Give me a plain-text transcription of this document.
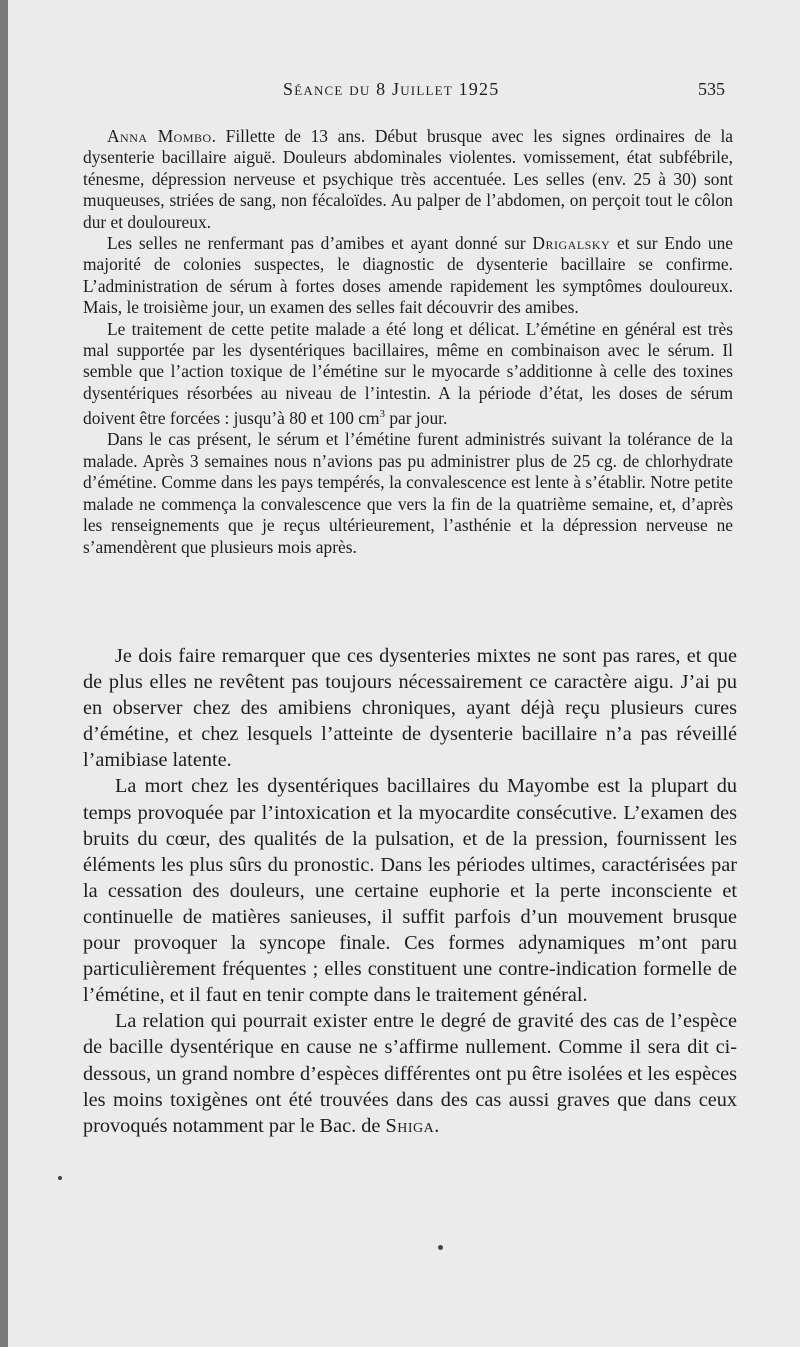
Séance du 8 Juillet 1925	535

Anna Mombo. Fillette de 13 ans. Début brusque avec les signes ordinaires de la dysenterie bacillaire aiguë. Douleurs abdominales violentes. vomissement, état subfébrile, ténesme, dépression nerveuse et psychique très accentuée. Les selles (env. 25 à 30) sont muqueuses, striées de sang, non fécaloïdes. Au palper de l’abdomen, on perçoit tout le côlon dur et douloureux.

Les selles ne renfermant pas d’amibes et ayant donné sur Drigalsky et sur Endo une majorité de colonies suspectes, le diagnostic de dysenterie bacillaire se confirme. L’administration de sérum à fortes doses amende rapidement les symptômes douloureux. Mais, le troisième jour, un examen des selles fait découvrir des amibes.

Le traitement de cette petite malade a été long et délicat. L’émétine en général est très mal supportée par les dysentériques bacillaires, même en combinaison avec le sérum. Il semble que l’action toxique de l’émétine sur le myocarde s’additionne à celle des toxines dysentériques résorbées au niveau de l’intestin. A la période d’état, les doses de sérum doivent être forcées : jusqu’à 80 et 100 $cm^3$ par jour.

Dans le cas présent, le sérum et l’émétine furent administrés suivant la tolérance de la malade. Après 3 semaines nous n’avions pas pu administrer plus de 25 cg. de chlorhydrate d’émétine. Comme dans les pays tempérés, la convalescence est lente à s’établir. Notre petite malade ne commença la convalescence que vers la fin de la quatrième semaine, et, d’après les renseignements que je reçus ultérieurement, l’asthénie et la dépression nerveuse ne s’amendèrent que plusieurs mois après.

Je dois faire remarquer que ces dysenteries mixtes ne sont pas rares, et que de plus elles ne revêtent pas toujours nécessairement ce caractère aigu. J’ai pu en observer chez des amibiens chroniques, ayant déjà reçu plusieurs cures d’émétine, et chez lesquels l’atteinte de dysenterie bacillaire n’a pas réveillé l’amibiase latente.

La mort chez les dysentériques bacillaires du Mayombe est la plupart du temps provoquée par l’intoxication et la myocardite consécutive. L’examen des bruits du cœur, des qualités de la pulsation, et de la pression, fournissent les éléments les plus sûrs du pronostic. Dans les périodes ultimes, caractérisées par la cessation des douleurs, une certaine euphorie et la perte inconsciente et continuelle de matières sanieuses, il suffit parfois d’un mouvement brusque pour provoquer la syncope finale. Ces formes adynamiques m’ont paru particulièrement fréquentes ; elles constituent une contre-indication formelle de l’émétine, et il faut en tenir compte dans le traitement général.

La relation qui pourrait exister entre le degré de gravité des cas de l’espèce de bacille dysentérique en cause ne s’affirme nullement. Comme il sera dit ci-dessous, un grand nombre d’espèces différentes ont pu être isolées et les espèces les moins toxigènes ont été trouvées dans des cas aussi graves que dans ceux provoqués notamment par le Bac. de Shiga.
